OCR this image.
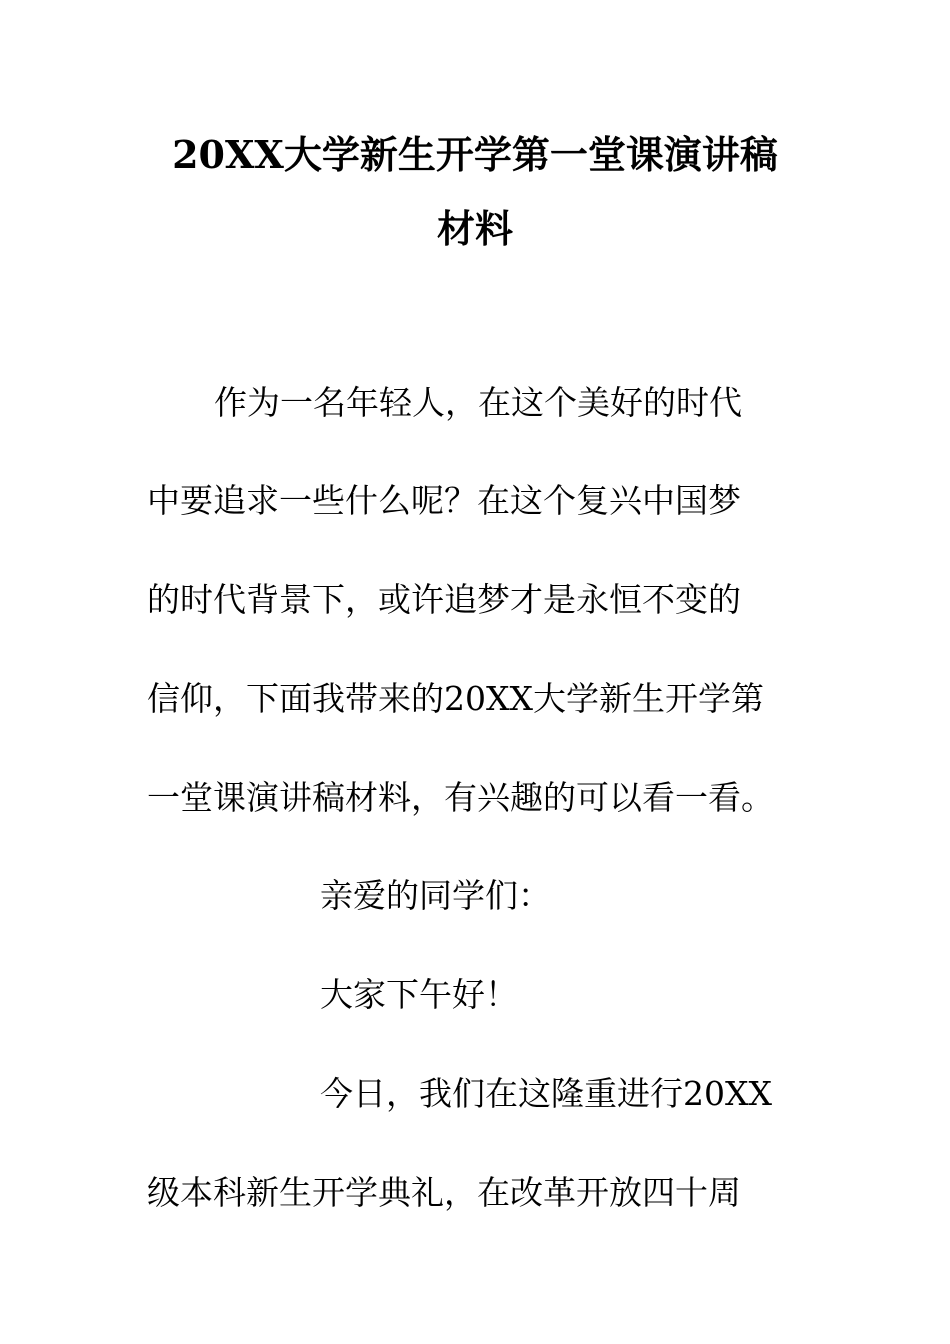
20XX大学新生开学第一堂课演讲稿
材料
作为一名年轻人，在这个美好的时代
中要追求一些什么呢？在这个复兴中国梦
的时代背景下，或许追梦才是永恒不变的
信仰，下面我带来的20XX大学新生开学第
一堂课演讲稿材料，有兴趣的可以看一看。
亲爱的同学们：
大家下午好！
今日，我们在这隆重进行20XX
级本科新生开学典礼，在改革开放四十周
